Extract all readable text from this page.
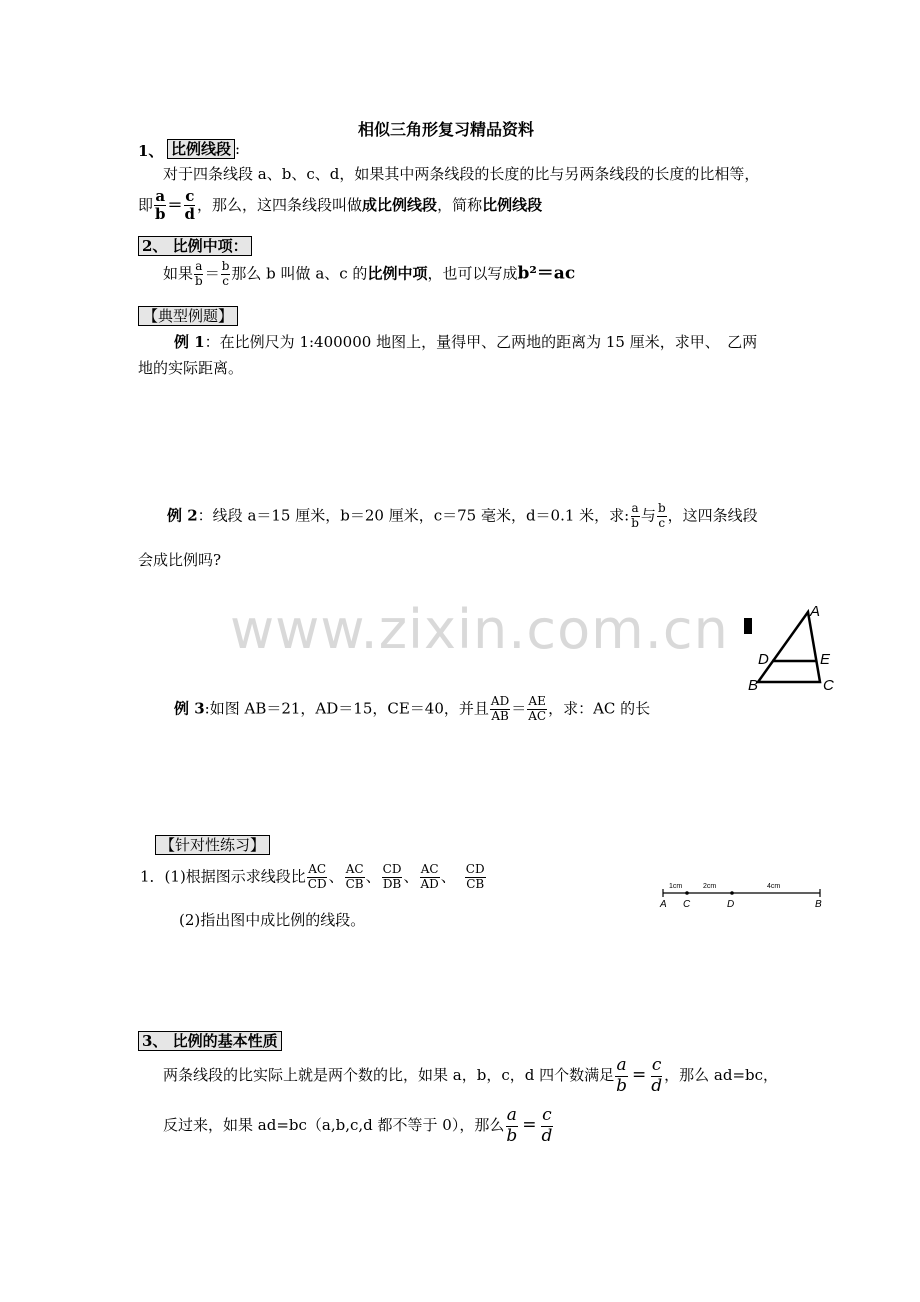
相似三角形复习精品资料
1、 比例线段 :
对于四条线段 a、b、c、d，如果其中两条线段的长度的比与另两条线段的长度的比相等，
即 $\frac{a}{b} = \frac{c}{d}$ ，那么，这四条线段叫做成比例线段，简称比例线段
2、 比例中项：
如果 $\frac{a}{b} = \frac{b}{c}$ 那么 b 叫做 a、c 的比例中项，也可以写成b²＝ac
【典型例题】
例 1：在比例尺为 1:400000 地图上，量得甲、乙两地的距离为 15 厘米，求甲、　乙两
地的实际距离。
例 2：线段 a＝15 厘米，b＝20 厘米，c＝75 毫米，d＝0.1 米，求: $\frac{a}{b}$ 与 $\frac{b}{c}$ ，这四条线段
会成比例吗?
www.zixin.com.cn	A
D	E
B	C
例 3:如图 AB＝21，AD＝15，CE＝40，并且 $\frac{AD}{AB} = \frac{AE}{AC}$ ，求：AC 的长
【针对性练习】
1．(1)根据图示求线段比 $\frac{AC}{CD}$ 、 $\frac{AC}{CB}$ 、 $\frac{CD}{DB}$ 、 $\frac{AC}{AD}$ 、 $\frac{CD}{CB}$
(2)指出图中成比例的线段。
1cm	2cm	4cm
A C	D	B
3、 比例的基本性质
两条线段的比实际上就是两个数的比，如果 a，b，c，d 四个数满足 $\frac{a}{b} = \frac{c}{d}$ ，那么 ad=bc，
反过来，如果 ad=bc（a,b,c,d 都不等于 0），那么 $\frac{a}{b} = \frac{c}{d}$
